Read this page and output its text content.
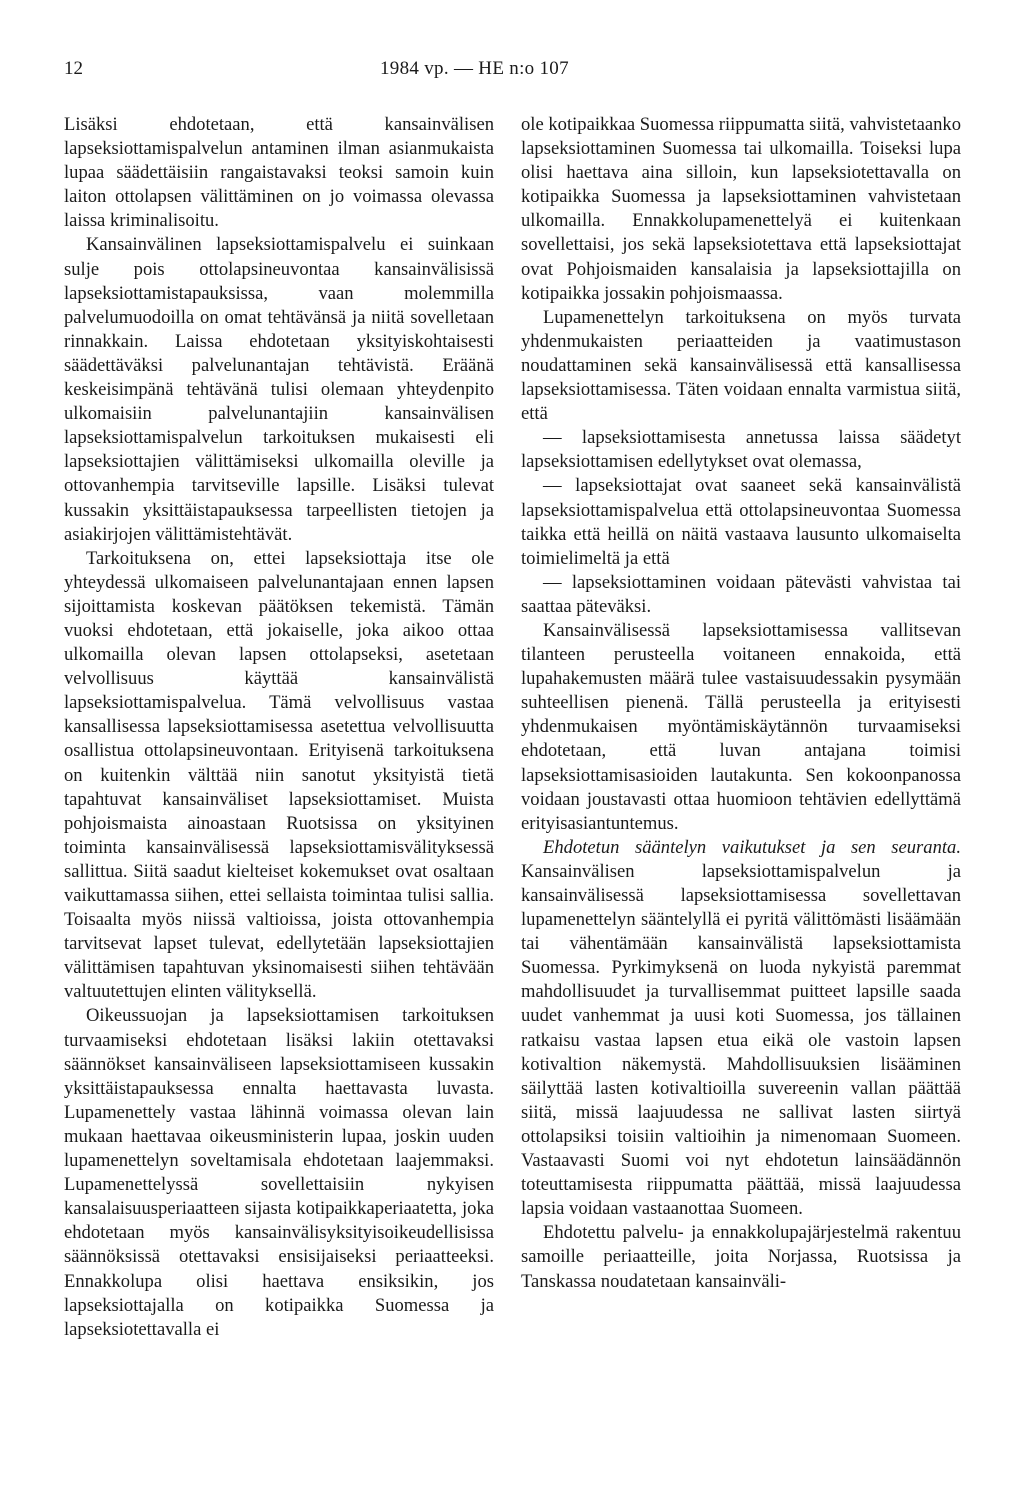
12	1984 vp. — HE n:o 107

Lisäksi ehdotetaan, että kansainvälisen lapseksiottamispalvelun antaminen ilman asianmukaista lupaa säädettäisiin rangaistavaksi teoksi samoin kuin laiton ottolapsen välittäminen on jo voimassa olevassa laissa kriminalisoitu.

Kansainvälinen lapseksiottamispalvelu ei suinkaan sulje pois ottolapsineuvontaa kansainvälisissä lapseksiottamistapauksissa, vaan molemmilla palvelumuodoilla on omat tehtävänsä ja niitä sovelletaan rinnakkain. Laissa ehdotetaan yksityiskohtaisesti säädettäväksi palvelunantajan tehtävistä. Eräänä keskeisimpänä tehtävänä tulisi olemaan yhteydenpito ulkomaisiin palvelunantajiin kansainvälisen lapseksiottamispalvelun tarkoituksen mukaisesti eli lapseksiottajien välittämiseksi ulkomailla oleville ja ottovanhempia tarvitseville lapsille. Lisäksi tulevat kussakin yksittäistapauksessa tarpeellisten tietojen ja asiakirjojen välittämistehtävät.

Tarkoituksena on, ettei lapseksiottaja itse ole yhteydessä ulkomaiseen palvelunantajaan ennen lapsen sijoittamista koskevan päätöksen tekemistä. Tämän vuoksi ehdotetaan, että jokaiselle, joka aikoo ottaa ulkomailla olevan lapsen ottolapseksi, asetetaan velvollisuus käyttää kansainvälistä lapseksiottamispalvelua. Tämä velvollisuus vastaa kansallisessa lapseksiottamisessa asetettua velvollisuutta osallistua ottolapsineuvontaan. Erityisenä tarkoituksena on kuitenkin välttää niin sanotut yksityistä tietä tapahtuvat kansainväliset lapseksiottamiset. Muista pohjoismaista ainoastaan Ruotsissa on yksityinen toiminta kansainvälisessä lapseksiottamisvälityksessä sallittua. Siitä saadut kielteiset kokemukset ovat osaltaan vaikuttamassa siihen, ettei sellaista toimintaa tulisi sallia. Toisaalta myös niissä valtioissa, joista ottovanhempia tarvitsevat lapset tulevat, edellytetään lapseksiottajien välittämisen tapahtuvan yksinomaisesti siihen tehtävään valtuutettujen elinten välityksellä.

Oikeussuojan ja lapseksiottamisen tarkoituksen turvaamiseksi ehdotetaan lisäksi lakiin otettavaksi säännökset kansainväliseen lapseksiottamiseen kussakin yksittäistapauksessa ennalta haettavasta luvasta. Lupamenettely vastaa lähinnä voimassa olevan lain mukaan haettavaa oikeusministerin lupaa, joskin uuden lupamenettelyn soveltamisala ehdotetaan laajemmaksi. Lupamenettelyssä sovellettaisiin nykyisen kansalaisuusperiaatteen sijasta kotipaikkaperiaatetta, joka ehdotetaan myös kansainvälisyksityisoikeudellisissa säännöksissä otettavaksi ensisijaiseksi periaatteeksi. Ennakkolupa olisi haettava ensiksikin, jos lapseksiottajalla on kotipaikka Suomessa ja lapseksiotettavalla ei

ole kotipaikkaa Suomessa riippumatta siitä, vahvistetaanko lapseksiottaminen Suomessa tai ulkomailla. Toiseksi lupa olisi haettava aina silloin, kun lapseksiotettavalla on kotipaikka Suomessa ja lapseksiottaminen vahvistetaan ulkomailla. Ennakkolupamenettelyä ei kuitenkaan sovellettaisi, jos sekä lapseksiotettava että lapseksiottajat ovat Pohjoismaiden kansalaisia ja lapseksiottajilla on kotipaikka jossakin pohjoismaassa.

Lupamenettelyn tarkoituksena on myös turvata yhdenmukaisten periaatteiden ja vaatimustason noudattaminen sekä kansainvälisessä että kansallisessa lapseksiottamisessa. Täten voidaan ennalta varmistua siitä, että

— lapseksiottamisesta annetussa laissa säädetyt lapseksiottamisen edellytykset ovat olemassa,

— lapseksiottajat ovat saaneet sekä kansainvälistä lapseksiottamispalvelua että ottolapsineuvontaa Suomessa taikka että heillä on näitä vastaava lausunto ulkomaiselta toimielimeltä ja että

— lapseksiottaminen voidaan pätevästi vahvistaa tai saattaa päteväksi.

Kansainvälisessä lapseksiottamisessa vallitsevan tilanteen perusteella voitaneen ennakoida, että lupahakemusten määrä tulee vastaisuudessakin pysymään suhteellisen pienenä. Tällä perusteella ja erityisesti yhdenmukaisen myöntämiskäytännön turvaamiseksi ehdotetaan, että luvan antajana toimisi lapseksiottamisasioiden lautakunta. Sen kokoonpanossa voidaan joustavasti ottaa huomioon tehtävien edellyttämä erityisasiantuntemus.

Ehdotetun sääntelyn vaikutukset ja sen seuranta. Kansainvälisen lapseksiottamispalvelun ja kansainvälisessä lapseksiottamisessa sovellettavan lupamenettelyn sääntelyllä ei pyritä välittömästi lisäämään tai vähentämään kansainvälistä lapseksiottamista Suomessa. Pyrkimyksenä on luoda nykyistä paremmat mahdollisuudet ja turvallisemmat puitteet lapsille saada uudet vanhemmat ja uusi koti Suomessa, jos tällainen ratkaisu vastaa lapsen etua eikä ole vastoin lapsen kotivaltion näkemystä. Mahdollisuuksien lisääminen säilyttää lasten kotivaltioilla suvereenin vallan päättää siitä, missä laajuudessa ne sallivat lasten siirtyä ottolapsiksi toisiin valtioihin ja nimenomaan Suomeen. Vastaavasti Suomi voi nyt ehdotetun lainsäädännön toteuttamisesta riippumatta päättää, missä laajuudessa lapsia voidaan vastaanottaa Suomeen.

Ehdotettu palvelu- ja ennakkolupajärjestelmä rakentuu samoille periaatteille, joita Norjassa, Ruotsissa ja Tanskassa noudatetaan kansainväli-
